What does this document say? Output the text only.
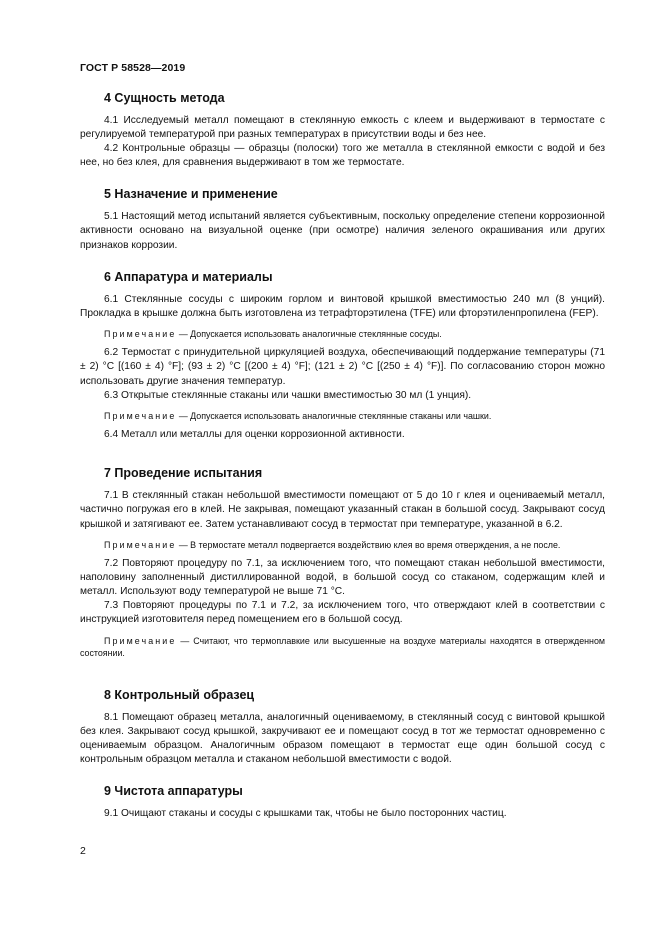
ГОСТ Р 58528—2019
4 Сущность метода

4.1 Исследуемый металл помещают в стеклянную емкость с клеем и выдерживают в термостате с регулируемой температурой при разных температурах в присутствии воды и без нее.

4.2 Контрольные образцы — образцы (полоски) того же металла в стеклянной емкости с водой и без нее, но без клея, для сравнения выдерживают в том же термостате.

5 Назначение и применение

5.1 Настоящий метод испытаний является субъективным, поскольку определение степени коррозионной активности основано на визуальной оценке (при осмотре) наличия зеленого окрашивания или других признаков коррозии.

6 Аппаратура и материалы

6.1 Стеклянные сосуды с широким горлом и винтовой крышкой вместимостью 240 мл (8 унций). Прокладка в крышке должна быть изготовлена из тетрафторэтилена (TFE) или фторэтиленпропилена (FEP).

Примечание — Допускается использовать аналогичные стеклянные сосуды.

6.2 Термостат с принудительной циркуляцией воздуха, обеспечивающий поддержание температуры (71 ± 2) °С [(160 ± 4) °F]; (93 ± 2) °С [(200 ± 4) °F]; (121 ± 2) °С [(250 ± 4) °F)]. По согласованию сторон можно использовать другие значения температур.

6.3 Открытые стеклянные стаканы или чашки вместимостью 30 мл (1 унция).

Примечание — Допускается использовать аналогичные стеклянные стаканы или чашки.

6.4 Металл или металлы для оценки коррозионной активности.

7 Проведение испытания

7.1 В стеклянный стакан небольшой вместимости помещают от 5 до 10 г клея и оцениваемый металл, частично погружая его в клей. Не закрывая, помещают указанный стакан в большой сосуд. Закрывают сосуд крышкой и затягивают ее. Затем устанавливают сосуд в термостат при температуре, указанной в 6.2.

Примечание — В термостате металл подвергается воздействию клея во время отверждения, а не после.

7.2 Повторяют процедуру по 7.1, за исключением того, что помещают стакан небольшой вместимости, наполовину заполненный дистиллированной водой, в большой сосуд со стаканом, содержащим клей и металл. Используют воду температурой не выше 71 °С.

7.3 Повторяют процедуры по 7.1 и 7.2, за исключением того, что отверждают клей в соответствии с инструкцией изготовителя перед помещением его в большой сосуд.

Примечание — Считают, что термоплавкие или высушенные на воздухе материалы находятся в отвержденном состоянии.

8 Контрольный образец

8.1 Помещают образец металла, аналогичный оцениваемому, в стеклянный сосуд с винтовой крышкой без клея. Закрывают сосуд крышкой, закручивают ее и помещают сосуд в тот же термостат одновременно с оцениваемым образцом. Аналогичным образом помещают в термостат еще один большой сосуд с контрольным образцом металла и стаканом небольшой вместимости с водой.

9 Чистота аппаратуры

9.1 Очищают стаканы и сосуды с крышками так, чтобы не было посторонних частиц.

2
